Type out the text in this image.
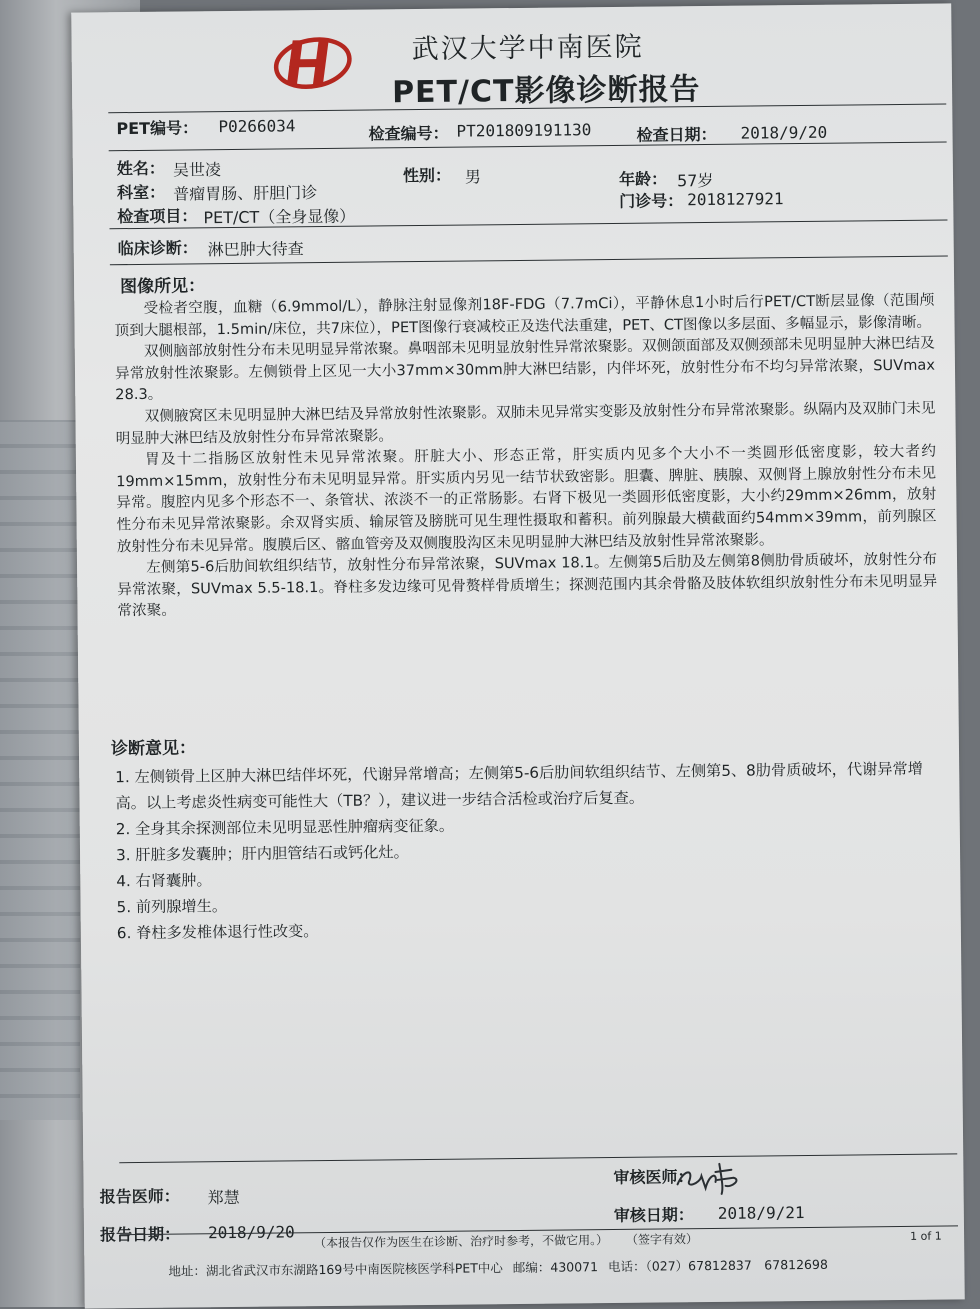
武汉大学中南医院
PET/CT影像诊断报告
PET编号： P0266034	检查编号： PT201809191130	检查日期： 2018/9/20
姓名： 吴世凌	性别： 男	年龄： 57岁
科室： 普瘤胃肠、肝胆门诊	门诊号： 2018127921
检查项目： PET/CT（全身显像）
临床诊断： 淋巴肿大待查
图像所见：

受检者空腹，血糖（6.9mmol/L），静脉注射显像剂18F-FDG（7.7mCi），平静休息1小时后行PET/CT断层显像（范围颅顶到大腿根部，1.5min/床位，共7床位），PET图像行衰减校正及迭代法重建，PET、CT图像以多层面、多幅显示，影像清晰。

双侧脑部放射性分布未见明显异常浓聚。鼻咽部未见明显放射性异常浓聚影。双侧颌面部及双侧颈部未见明显肿大淋巴结及异常放射性浓聚影。左侧锁骨上区见一大小37mm×30mm肿大淋巴结影，内伴坏死，放射性分布不均匀异常浓聚，SUVmax 28.3。

双侧腋窝区未见明显肿大淋巴结及异常放射性浓聚影。双肺未见异常实变影及放射性分布异常浓聚影。纵隔内及双肺门未见明显肿大淋巴结及放射性分布异常浓聚影。

胃及十二指肠区放射性未见异常浓聚。肝脏大小、形态正常，肝实质内见多个大小不一类圆形低密度影，较大者约19mm×15mm，放射性分布未见明显异常。肝实质内另见一结节状致密影。胆囊、脾脏、胰腺、双侧肾上腺放射性分布未见异常。腹腔内见多个形态不一、条管状、浓淡不一的正常肠影。右肾下极见一类圆形低密度影，大小约29mm×26mm，放射性分布未见异常浓聚影。余双肾实质、输尿管及膀胱可见生理性摄取和蓄积。前列腺最大横截面约54mm×39mm，前列腺区放射性分布未见异常。腹膜后区、髂血管旁及双侧腹股沟区未见明显肿大淋巴结及放射性异常浓聚影。

左侧第5-6后肋间软组织结节，放射性分布异常浓聚，SUVmax 18.1。左侧第5后肋及左侧第8侧肋骨质破坏，放射性分布异常浓聚，SUVmax 5.5-18.1。脊柱多发边缘可见骨赘样骨质增生；探测范围内其余骨骼及肢体软组织放射性分布未见明显异常浓聚。

诊断意见：

1. 左侧锁骨上区肿大淋巴结伴坏死，代谢异常增高；左侧第5-6后肋间软组织结节、左侧第5、8肋骨质破坏，代谢异常增高。以上考虑炎性病变可能性大（TB？），建议进一步结合活检或治疗后复查。

2. 全身其余探测部位未见明显恶性肿瘤病变征象。

3. 肝脏多发囊肿；肝内胆管结石或钙化灶。

4. 右肾囊肿。

5. 前列腺增生。

6. 脊柱多发椎体退行性改变。

报告医师： 郑慧
审核医师：
报告日期： 2018/9/20
审核日期： 2018/9/21
（本报告仅作为医生在诊断、治疗时参考，不做它用。） （签字有效）	1 of 1
地址：湖北省武汉市东湖路169号中南医院核医学科PET中心 邮编：430071 电话：（027）67812837　67812698
